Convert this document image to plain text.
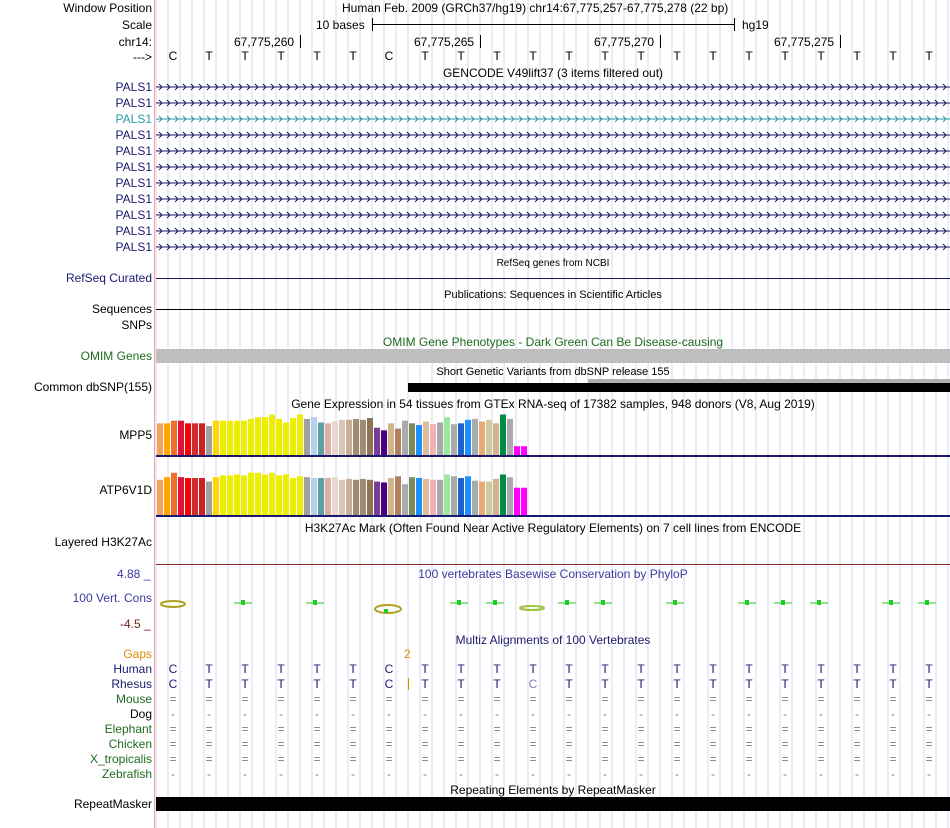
Window Position	Human Feb. 2009 (GRCh37/hg19) chr14:67,775,257-67,775,278 (22 bp)
Scale	10 bases	hg19
chr14:	67,775,260	67,775,265	67,775,270	67,775,275
---> C T T T T T C T T T T T T T T T T T T T T T
GENCODE V49lift37 (3 items filtered out)
PALS1
PALS1
PALS1
PALS1
PALS1
PALS1
PALS1
PALS1
PALS1
PALS1
PALS1
RefSeq genes from NCBI
RefSeq Curated
Publications: Sequences in Scientific Articles
Sequences
SNPs
OMIM Gene Phenotypes - Dark Green Can Be Disease-causing
OMIM Genes
Short Genetic Variants from dbSNP release 155
Common dbSNP(155)
Gene Expression in 54 tissues from GTEx RNA-seq of 17382 samples, 948 donors (V8, Aug 2019)
MPP5
ATP6V1D
H3K27Ac Mark (Often Found Near Active Regulatory Elements) on 7 cell lines from ENCODE
Layered H3K27Ac
4.88 _	100 vertebrates Basewise Conservation by PhyloP
100 Vert. Cons
-4.5 _
Multiz Alignments of 100 Vertebrates
Gaps	2
Human C T T T T T C T T T T T T T T T T T T T T T
Rhesus C T T T T T C T T T C T T T T T T T T T T T
Mouse = = = = = = = = = = = = = = = = = = = = = =
Dog	-	-	-	-	-	-	-	-	-	-	-	-	-	-	-	-	-	-	-	-	-	-
Elephant = = = = = = = = = = = = = = = = = = = = = =
Chicken = = = = = = = = = = = = = = = = = = = = = =
X_tropicalis = = = = = = = = = = = = = = = = = = = = = =
Zebrafish	-	-	-	-	-	-	-	-	-	-	-	-	-	-	-	-	-	-	-	-	-	-
Repeating Elements by RepeatMasker
RepeatMasker
